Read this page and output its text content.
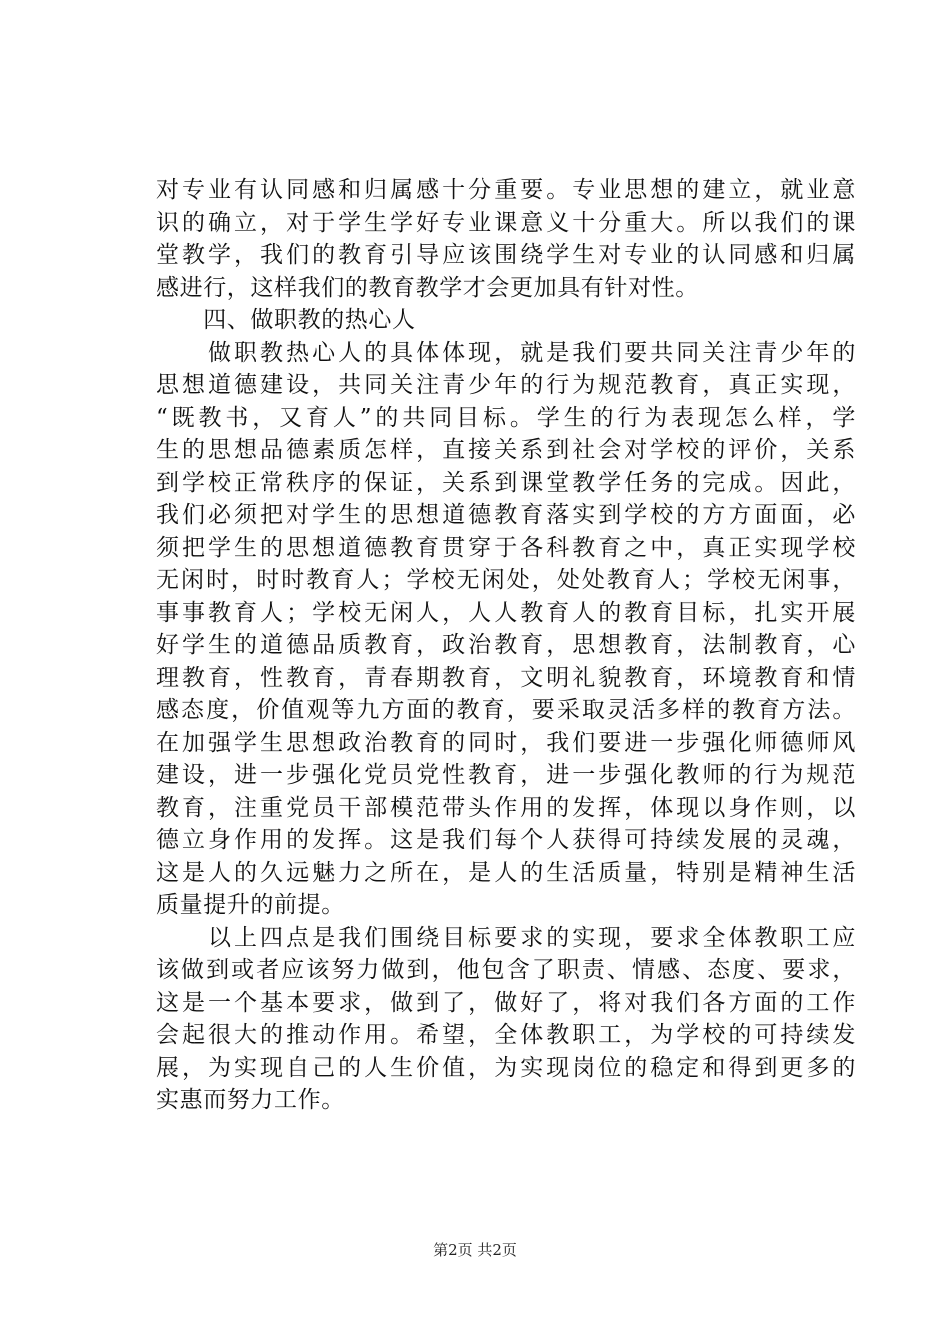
对专业有认同感和归属感十分重要。专业思想的建立，就业意
识的确立，对于学生学好专业课意义十分重大。所以我们的课
堂教学，我们的教育引导应该围绕学生对专业的认同感和归属
感进行，这样我们的教育教学才会更加具有针对性。
　　四、做职教的热心人
　　做职教热心人的具体体现，就是我们要共同关注青少年的
思想道德建设，共同关注青少年的行为规范教育，真正实现，
“既教书，又育人”的共同目标。学生的行为表现怎么样，学
生的思想品德素质怎样，直接关系到社会对学校的评价，关系
到学校正常秩序的保证，关系到课堂教学任务的完成。因此，
我们必须把对学生的思想道德教育落实到学校的方方面面，必
须把学生的思想道德教育贯穿于各科教育之中，真正实现学校
无闲时，时时教育人；学校无闲处，处处教育人；学校无闲事，
事事教育人；学校无闲人，人人教育人的教育目标，扎实开展
好学生的道德品质教育，政治教育，思想教育，法制教育，心
理教育，性教育，青春期教育，文明礼貌教育，环境教育和情
感态度，价值观等九方面的教育，要采取灵活多样的教育方法。
在加强学生思想政治教育的同时，我们要进一步强化师德师风
建设，进一步强化党员党性教育，进一步强化教师的行为规范
教育，注重党员干部模范带头作用的发挥，体现以身作则，以
德立身作用的发挥。这是我们每个人获得可持续发展的灵魂，
这是人的久远魅力之所在，是人的生活质量，特别是精神生活
质量提升的前提。
　　以上四点是我们围绕目标要求的实现，要求全体教职工应
该做到或者应该努力做到，他包含了职责、情感、态度、要求，
这是一个基本要求，做到了，做好了，将对我们各方面的工作
会起很大的推动作用。希望，全体教职工，为学校的可持续发
展，为实现自己的人生价值，为实现岗位的稳定和得到更多的
实惠而努力工作。
第2页 共2页
